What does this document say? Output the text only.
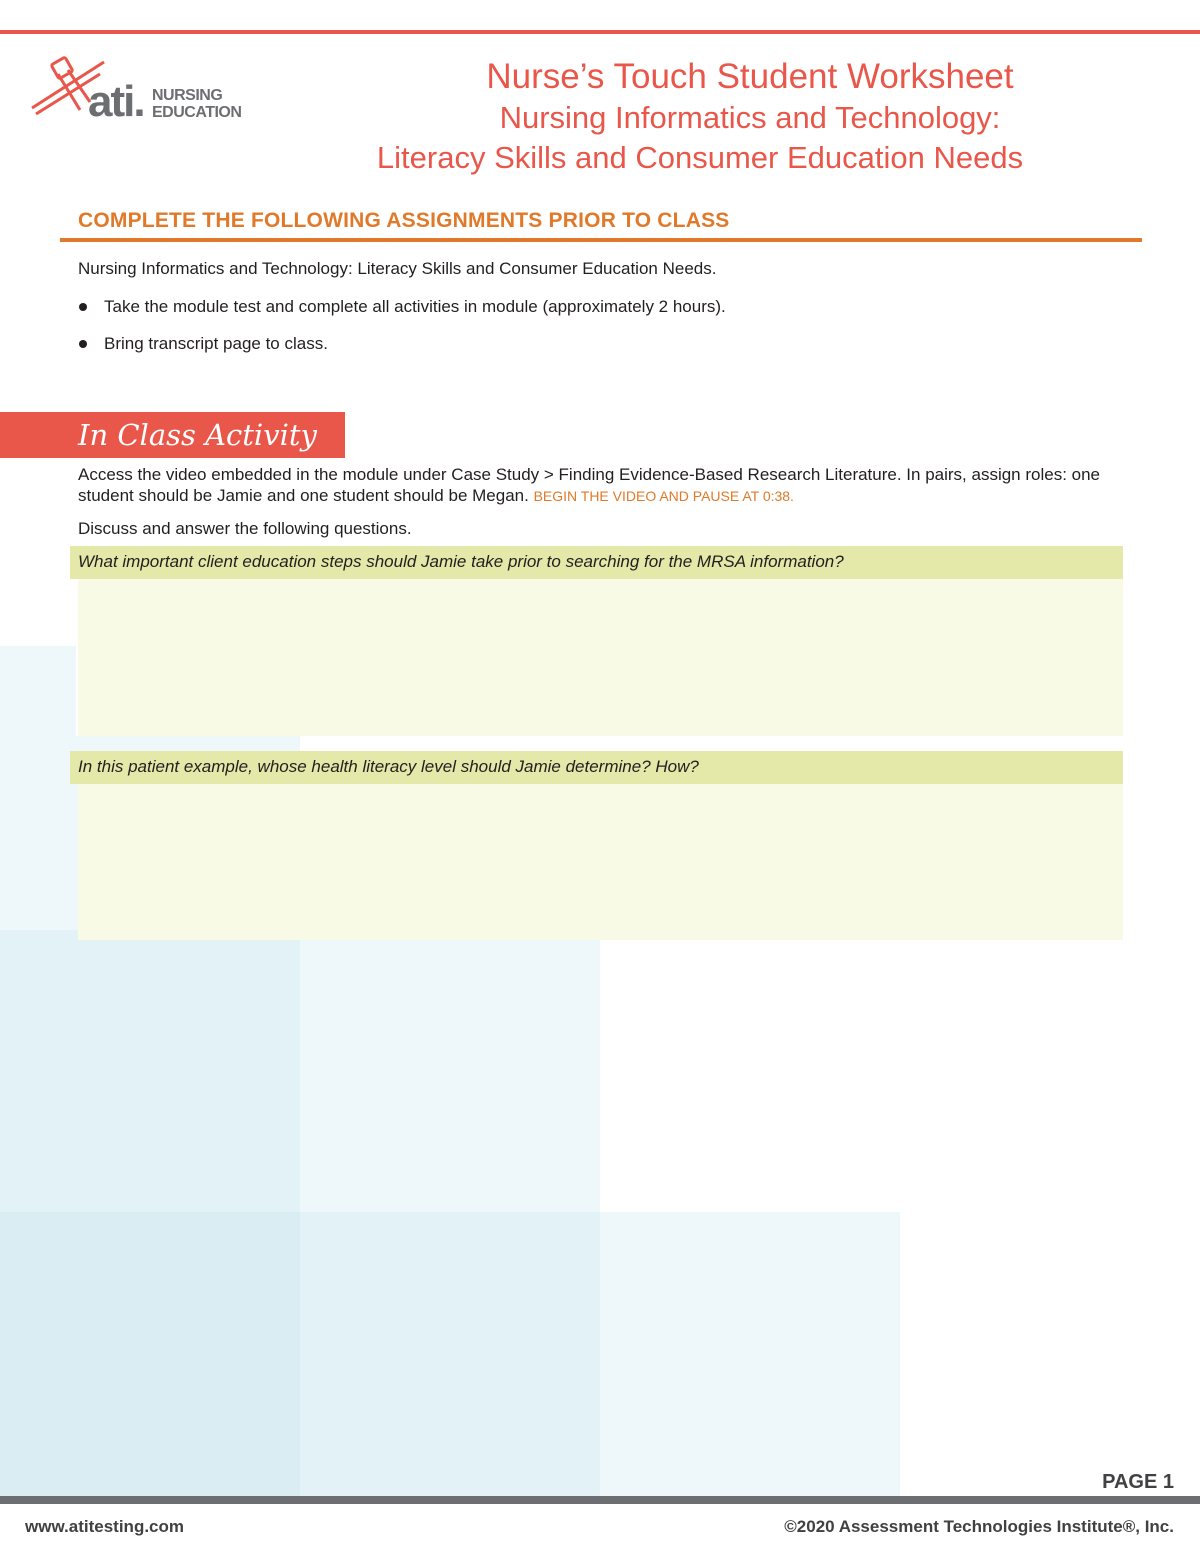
ati. NURSING
EDUCATION
Nurse’s Touch Student Worksheet
Nursing Informatics and Technology:
Literacy Skills and Consumer Education Needs
COMPLETE THE FOLLOWING ASSIGNMENTS PRIOR TO CLASS
Nursing Informatics and Technology: Literacy Skills and Consumer Education Needs.
Take the module test and complete all activities in module (approximately 2 hours).
Bring transcript page to class.
In Class Activity
Access the video embedded in the module under Case Study > Finding Evidence-Based Research Literature. In pairs, assign roles: one student should be Jamie and one student should be Megan. BEGIN THE VIDEO AND PAUSE AT 0:38.
Discuss and answer the following questions.
What important client education steps should Jamie take prior to searching for the MRSA information?
In this patient example, whose health literacy level should Jamie determine? How?
PAGE 1
www.atitesting.com	©2020 Assessment Technologies Institute®, Inc.
